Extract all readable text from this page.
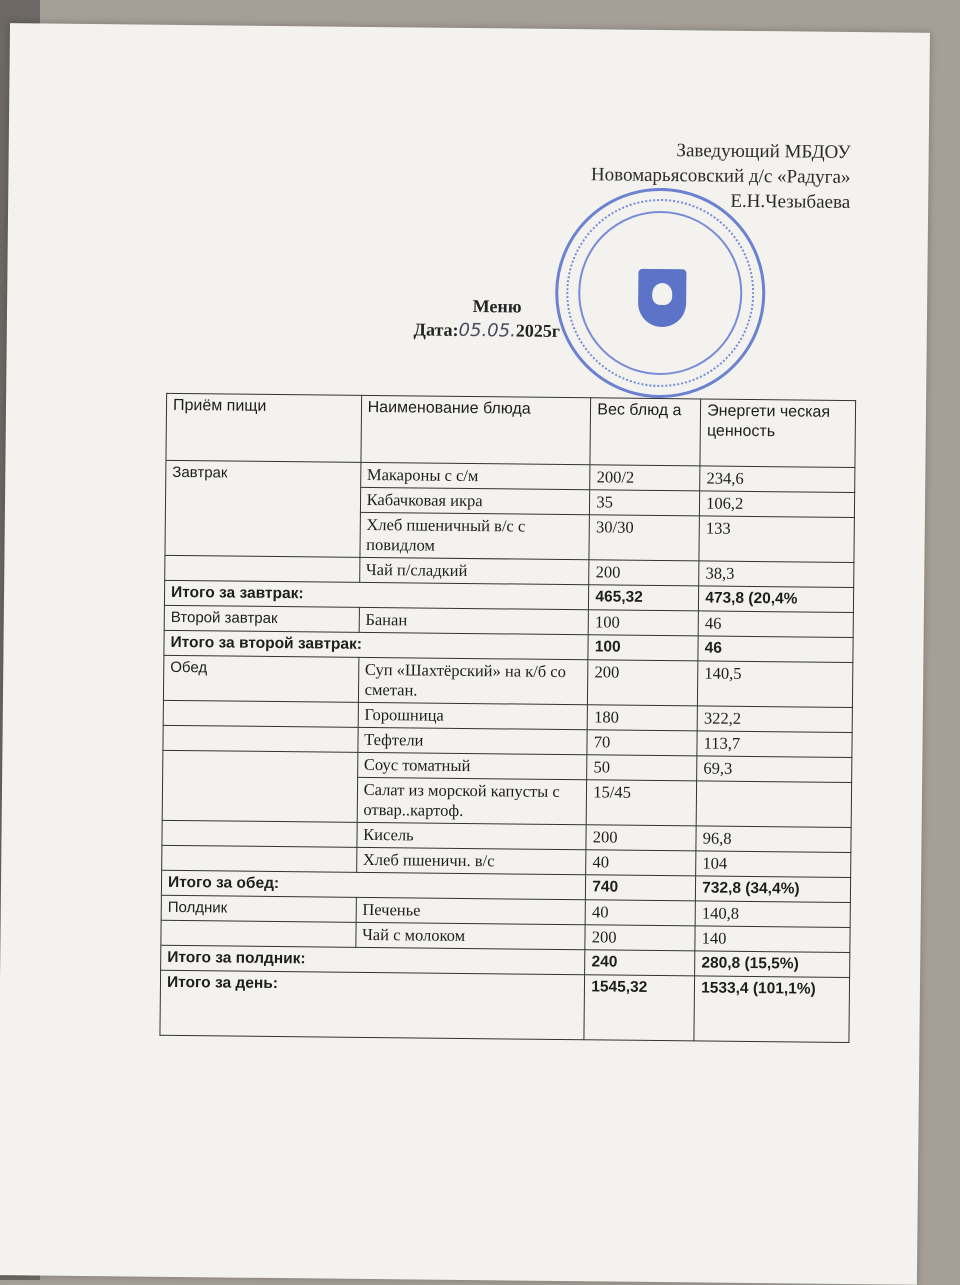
Заведующий МБДОУ
Новомарьясовский д/с «Радуга»
Е.Н.Чезыбаева
Меню
Дата:05.05.2025г
Приём пищи	Наименование блюда	Вес блюд а	Энергети ческая ценность
Завтрак	Макароны с с/м	200/2	234,6
	Кабачковая икра	35	106,2
	Хлеб пшеничный в/с с повидлом	30/30	133
	Чай п/сладкий	200	38,3
Итого за завтрак:		465,32	473,8 (20,4%
Второй завтрак	Банан	100	46
Итого за второй завтрак:		100	46
Обед	Суп «Шахтёрский» на к/б со сметан.	200	140,5
	Горошница	180	322,2
	Тефтели	70	113,7
	Соус томатный	50	69,3
	Салат из морской капусты с отвар..картоф.	15/45	
	Кисель	200	96,8
	Хлеб пшеничн. в/с	40	104
Итого за обед:		740	732,8 (34,4%)
Полдник	Печенье	40	140,8
	Чай с молоком	200	140
Итого за полдник:		240	280,8 (15,5%)
Итого за день:		1545,32	1533,4 (101,1%)
